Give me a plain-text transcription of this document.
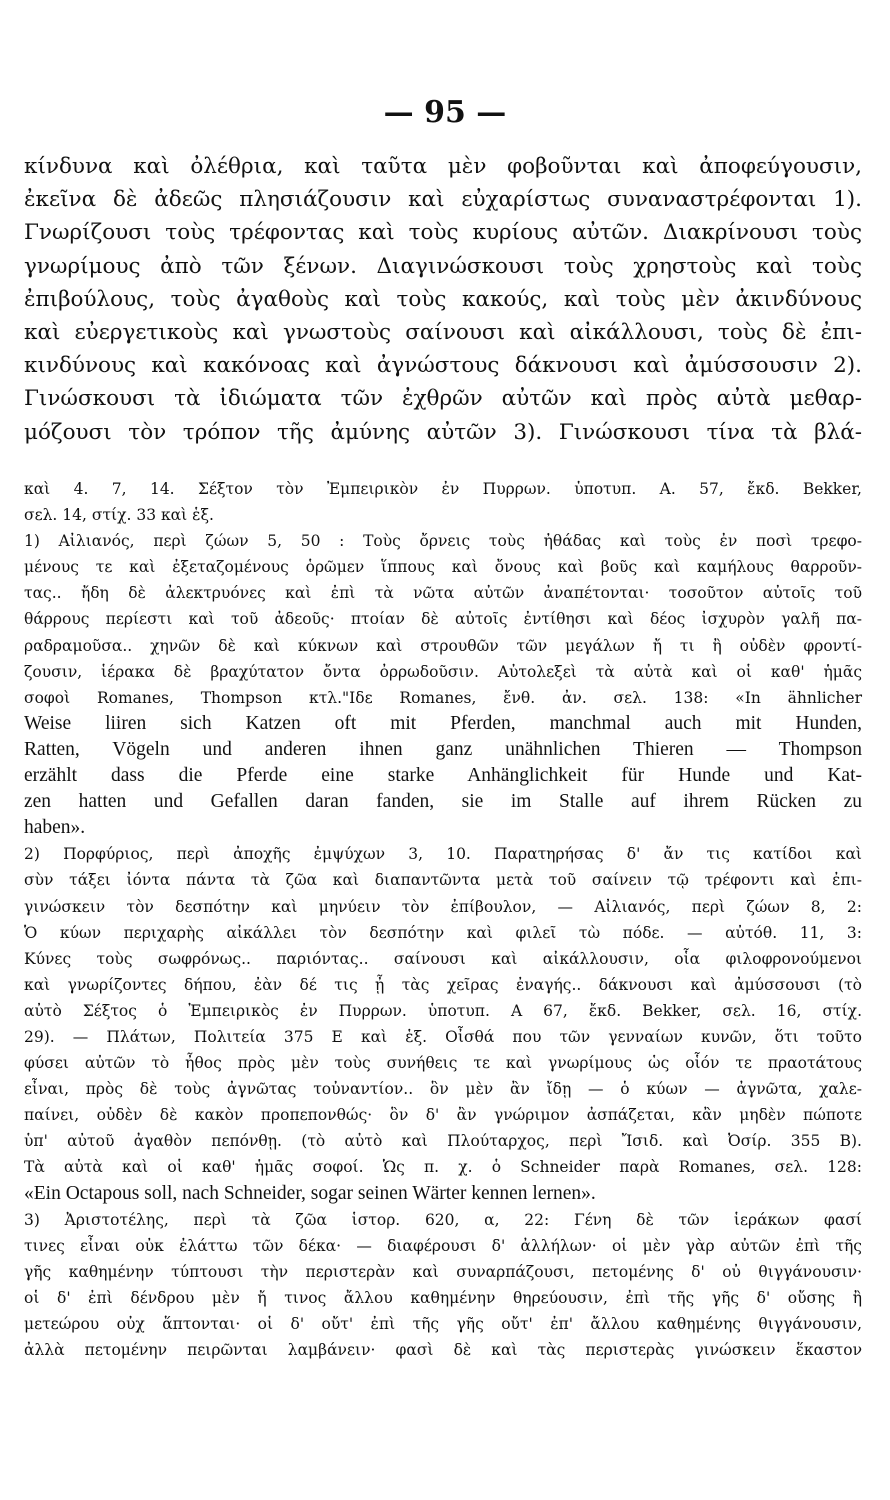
— 95 —
κίνδυνα καὶ ὀλέθρια, καὶ ταῦτα μὲν φοβοῦνται καὶ ἀποφεύγουσιν,
ἐκεῖνα δὲ ἀδεῶς πλησιάζουσιν καὶ εὐχαρίστως συναναστρέφονται 1).
Γνωρίζουσι τοὺς τρέφοντας καὶ τοὺς κυρίους αὐτῶν. Διακρίνουσι τοὺς
γνωρίμους ἀπὸ τῶν ξένων. Διαγινώσκουσι τοὺς χρηστοὺς καὶ τοὺς
ἐπιβούλους, τοὺς ἀγαθοὺς καὶ τοὺς κακούς, καὶ τοὺς μὲν ἀκινδύνους
καὶ εὐεργετικοὺς καὶ γνωστοὺς σαίνουσι καὶ αἰκάλλουσι, τοὺς δὲ ἐπι-
κινδύνους καὶ κακόνοας καὶ ἀγνώστους δάκνουσι καὶ ἀμύσσουσιν 2).
Γινώσκουσι τὰ ἰδιώματα τῶν ἐχθρῶν αὐτῶν καὶ πρὸς αὐτὰ μεθαρ-
μόζουσι τὸν τρόπον τῆς ἀμύνης αὐτῶν 3). Γινώσκουσι τίνα τὰ βλά-
καὶ 4. 7, 14. Σέξτον τὸν Ἐμπειρικὸν ἐν Πυρρων. ὑποτυπ. Α. 57, ἔκδ. Bekker,
σελ. 14, στίχ. 33 καὶ ἑξ.
1) Αἰλιανός, περὶ ζώων 5, 50 : Τοὺς ὄρνεις τοὺς ἠθάδας καὶ τοὺς ἐν ποσὶ τρεφο-
μένους τε καὶ ἐξεταζομένους ὁρῶμεν ἵππους καὶ ὄνους καὶ βοῦς καὶ καμήλους θαρροῦν-
τας.. ἤδη δὲ ἀλεκτρυόνες καὶ ἐπὶ τὰ νῶτα αὐτῶν ἀναπέτονται· τοσοῦτον αὐτοῖς τοῦ
θάρρους περίεστι καὶ τοῦ ἀδεοῦς· πτοίαν δὲ αὐτοῖς ἐντίθησι καὶ δέος ἰσχυρὸν γαλῆ πα-
ραδραμοῦσα.. χηνῶν δὲ καὶ κύκνων καὶ στρουθῶν τῶν μεγάλων ἤ τι ἢ οὐδὲν φροντί-
ζουσιν, ἱέρακα δὲ βραχύτατον ὄντα ὀρρωδοῦσιν. Αὐτολεξεὶ τὰ αὐτὰ καὶ οἱ καθ' ἡμᾶς
σοφοὶ Romanes, Thompson κτλ."Ιδε Romanes, ἔνθ. ἀν. σελ. 138: «In ähnlicher
Weise liiren sich Katzen oft mit Pferden, manchmal auch mit Hunden,
Ratten, Vögeln und anderen ihnen ganz unähnlichen Thieren — Thompson
erzählt dass die Pferde eine starke Anhänglichkeit für Hunde und Kat-
zen hatten und Gefallen daran fanden, sie im Stalle auf ihrem Rücken zu
haben».
2) Πορφύριος, περὶ ἀποχῆς ἐμψύχων 3, 10. Παρατηρήσας δ' ἄν τις κατίδοι καὶ
σὺν τάξει ἰόντα πάντα τὰ ζῶα καὶ διαπαντῶντα μετὰ τοῦ σαίνειν τῷ τρέφοντι καὶ ἐπι-
γινώσκειν τὸν δεσπότην καὶ μηνύειν τὸν ἐπίβουλον, — Αἰλιανός, περὶ ζώων 8, 2:
Ὁ κύων περιχαρὴς αἰκάλλει τὸν δεσπότην καὶ φιλεῖ τὼ πόδε. — αὐτόθ. 11, 3:
Κύνες τοὺς σωφρόνως.. παριόντας.. σαίνουσι καὶ αἰκάλλουσιν, οἷα φιλοφρονούμενοι
καὶ γνωρίζοντες δήπου, ἐὰν δέ τις ᾖ τὰς χεῖρας ἐναγής.. δάκνουσι καὶ ἀμύσσουσι (τὸ
αὐτὸ Σέξτος ὁ Ἐμπειρικὸς ἐν Πυρρων. ὑποτυπ. Α 67, ἔκδ. Bekker, σελ. 16, στίχ.
29). — Πλάτων, Πολιτεία 375 Ε καὶ ἑξ. Οἶσθά που τῶν γενναίων κυνῶν, ὅτι τοῦτο
φύσει αὐτῶν τὸ ἦθος πρὸς μὲν τοὺς συνήθεις τε καὶ γνωρίμους ὡς οἷόν τε πραοτάτους
εἶναι, πρὸς δὲ τοὺς ἀγνῶτας τοὐναντίον.. ὃν μὲν ἂν ἴδῃ — ὁ κύων — ἀγνῶτα, χαλε-
παίνει, οὐδὲν δὲ κακὸν προπεπονθώς· ὃν δ' ἂν γνώριμον ἀσπάζεται, κἂν μηδὲν πώποτε
ὑπ' αὐτοῦ ἀγαθὸν πεπόνθῃ. (τὸ αὐτὸ καὶ Πλούταρχος, περὶ Ἴσιδ. καὶ Ὀσίρ. 355 Β).
Τὰ αὐτὰ καὶ οἱ καθ' ἡμᾶς σοφοί. Ὡς π. χ. ὁ Schneider παρὰ Romanes, σελ. 128:
«Ein Octapous soll, nach Schneider, sogar seinen Wärter kennen lernen».
3) Ἀριστοτέλης, περὶ τὰ ζῶα ἱστορ. 620, α, 22: Γένη δὲ τῶν ἱεράκων φασί
τινες εἶναι οὐκ ἐλάττω τῶν δέκα· — διαφέρουσι δ' ἀλλήλων· οἱ μὲν γὰρ αὐτῶν ἐπὶ τῆς
γῆς καθημένην τύπτουσι τὴν περιστερὰν καὶ συναρπάζουσι, πετομένης δ' οὐ θιγγάνουσιν·
οἱ δ' ἐπὶ δένδρου μὲν ἤ τινος ἄλλου καθημένην θηρεύουσιν, ἐπὶ τῆς γῆς δ' οὔσης ἢ
μετεώρου οὐχ ἅπτονται· οἱ δ' οὔτ' ἐπὶ τῆς γῆς οὔτ' ἐπ' ἄλλου καθημένης θιγγάνουσιν,
ἀλλὰ πετομένην πειρῶνται λαμβάνειν· φασὶ δὲ καὶ τὰς περιστερὰς γινώσκειν ἕκαστον
